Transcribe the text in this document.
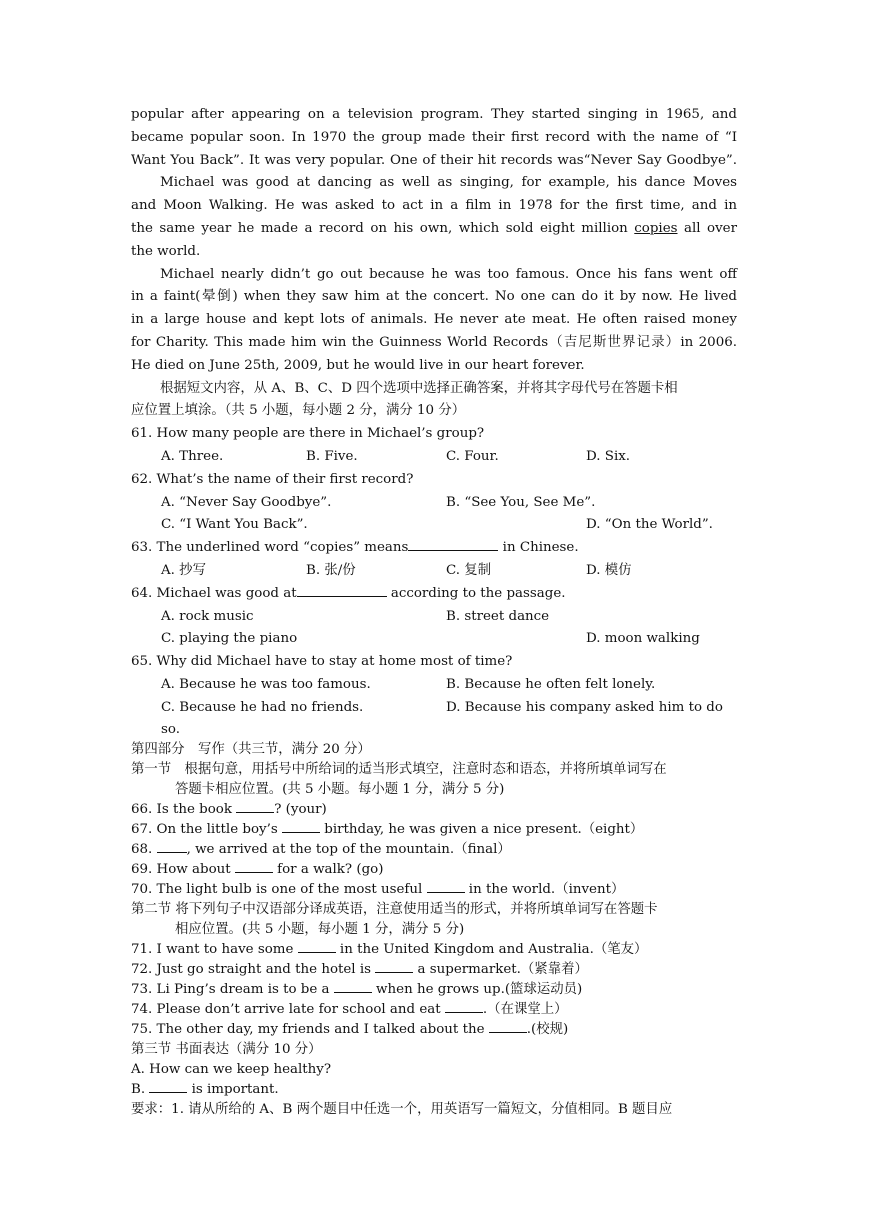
popular after appearing on a television program. They started singing in 1965, and
became popular soon. In 1970 the group made their first record with the name of “I
Want You Back”. It was very popular. One of their hit records was“Never Say Goodbye”.
Michael was good at dancing as well as singing, for example, his dance Moves
and Moon Walking. He was asked to act in a film in 1978 for the first time, and in
the same year he made a record on his own, which sold eight million copies all over
the world.
Michael nearly didn’t go out because he was too famous. Once his fans went off
in a faint(晕倒) when they saw him at the concert. No one can do it by now. He lived
in a large house and kept lots of animals. He never ate meat. He often raised money
for Charity. This made him win the Guinness World Records（吉尼斯世界记录）in 2006.
He died on June 25th, 2009, but he would live in our heart forever.
根据短文内容，从 A、B、C、D 四个选项中选择正确答案，并将其字母代号在答题卡相
应位置上填涂。（共 5 小题，每小题 2 分，满分 10 分）
61. How many people are there in Michael’s group?
A. Three.	B. Five.	C. Four.	D. Six.
62. What’s the name of their first record?
A. “Never Say Goodbye”.	B. “See You, See Me”.
C. “I Want You Back”.	D. “On the World”.
63. The underlined word “copies” means	in Chinese.
A. 抄写	B. 张/份	C. 复制	D. 模仿
64. Michael was good at	according to the passage.
A. rock music	B. street dance
C. playing the piano	D. moon walking
65. Why did Michael have to stay at home most of time?
A. Because he was too famous.	B. Because he often felt lonely.
C. Because he had no friends.	D. Because his company asked him to do
so.
第四部分　写作（共三节，满分 20 分）
第一节　根据句意，用括号中所给词的适当形式填空，注意时态和语态，并将所填单词写在
答题卡相应位置。(共 5 小题。每小题 1 分，满分 5 分)
66. Is the book	? (your)
67. On the little boy’s	birthday, he was given a nice present.（eight）
68. , we arrived at the top of the mountain.（final）
69. How about	for a walk? (go)
70. The light bulb is one of the most useful	in the world.（invent）
第二节 将下列句子中汉语部分译成英语，注意使用适当的形式，并将所填单词写在答题卡
相应位置。(共 5 小题，每小题 1 分，满分 5 分)
71. I want to have some	in the United Kingdom and Australia.（笔友）
72. Just go straight and the hotel is	a supermarket.（紧靠着）
73. Li Ping’s dream is to be a	when he grows up.(篮球运动员)
74. Please don’t arrive late for school and eat	.（在课堂上）
75. The other day, my friends and I talked about the	.(校规)
第三节 书面表达（满分 10 分）
A. How can we keep healthy?
B.	is important.
要求：1. 请从所给的 A、B 两个题目中任选一个，用英语写一篇短文，分值相同。B 题目应
